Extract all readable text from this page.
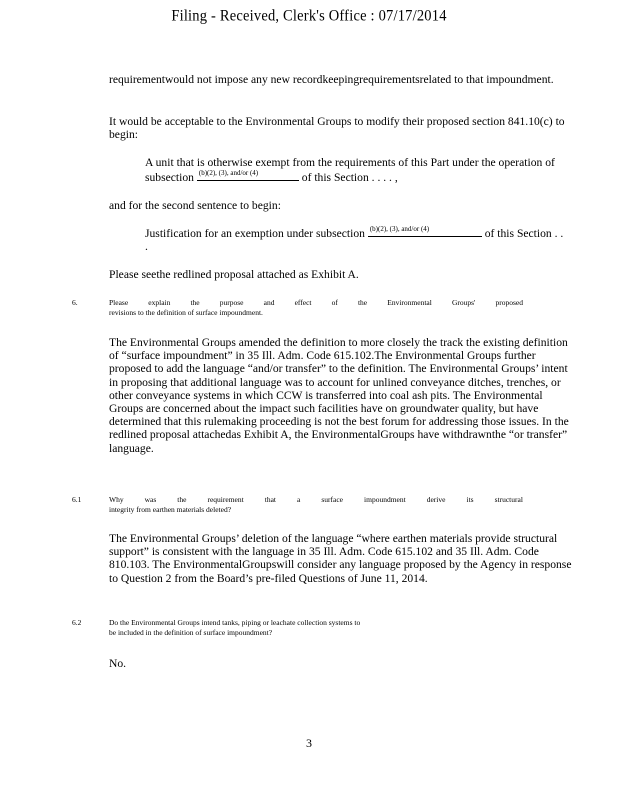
Filing - Received, Clerk's Office : 07/17/2014
requirementwould not impose any new recordkeepingrequirementsrelated to that impoundment.
It would be acceptable to the Environmental Groups to modify their proposed section 841.10(c) to begin:
A unit that is otherwise exempt from the requirements of this Part under the operation of subsection (b)(2), (3), and/or (4)	of this Section . . . . ,
and for the second sentence to begin:
Justification for an exemption under subsection (b)(2), (3), and/or (4)	of this Section . . .
Please seethe redlined proposal attached as Exhibit A.
6.	Please	explain	the	purpose	and	effect	of	the	Environmental	Groups'	proposed
revisions to the definition of surface impoundment.
The Environmental Groups amended the definition to more closely the track the existing definition of “surface impoundment” in 35 Ill. Adm. Code 615.102.The Environmental Groups further proposed to add the language “and/or transfer” to the definition. The Environmental Groups’ intent in proposing that additional language was to account for unlined conveyance ditches, trenches, or other conveyance systems in which CCW is transferred into coal ash pits. The Environmental Groups are concerned about the impact such facilities have on groundwater quality, but have determined that this rulemaking proceeding is not the best forum for addressing those issues. In the redlined proposal attachedas Exhibit A, the EnvironmentalGroups have withdrawnthe “or transfer” language.
6.1	Why	was	the	requirement	that	a	surface	impoundment	derive	its	structural
integrity from earthen materials deleted?
The Environmental Groups’ deletion of the language “where earthen materials provide structural support” is consistent with the language in 35 Ill. Adm. Code 615.102 and 35 Ill. Adm. Code 810.103. The EnvironmentalGroupswill consider any language proposed by the Agency in response to Question 2 from the Board’s pre-filed Questions of June 11, 2014.
6.2	Do the Environmental Groups intend tanks, piping or leachate collection systems to
be included in the definition of surface impoundment?
No.
3
